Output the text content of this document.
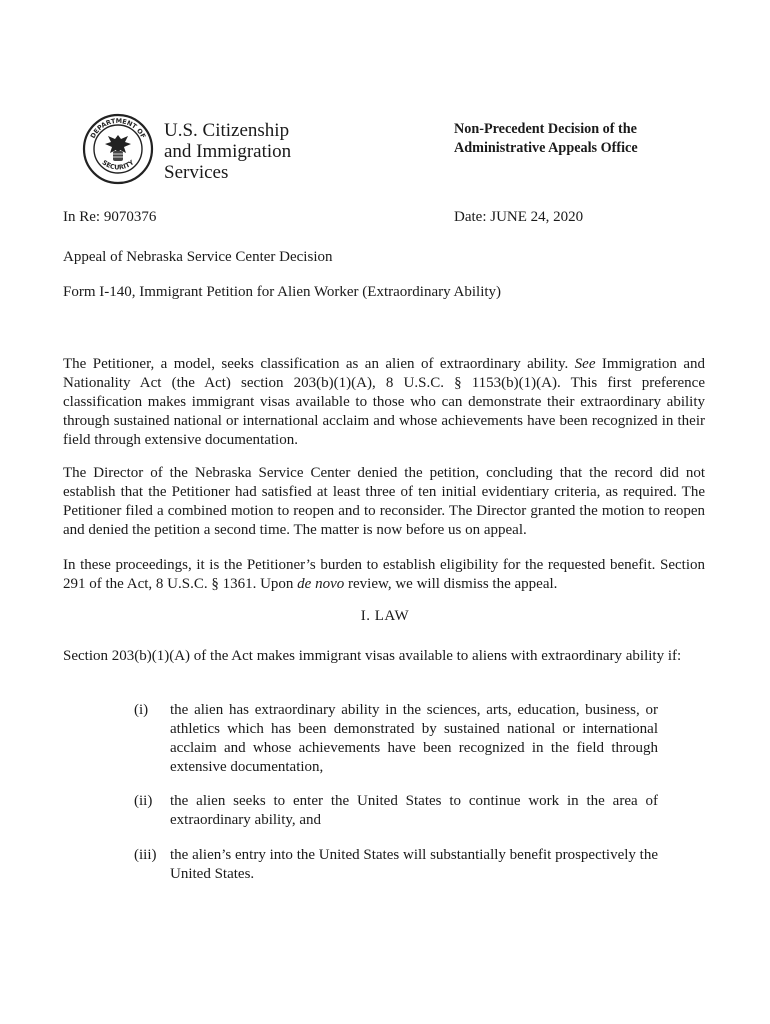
DEPARTMENT OF
SECURITY
U.S. Citizenship
and Immigration
Services
Non-Precedent Decision of the
Administrative Appeals Office
In Re: 9070376	Date: JUNE 24, 2020
Appeal of Nebraska Service Center Decision
Form I-140, Immigrant Petition for Alien Worker (Extraordinary Ability)
The Petitioner, a model, seeks classification as an alien of extraordinary ability. See Immigration and Nationality Act (the Act) section 203(b)(1)(A), 8 U.S.C. § 1153(b)(1)(A). This first preference classification makes immigrant visas available to those who can demonstrate their extraordinary ability through sustained national or international acclaim and whose achievements have been recognized in their field through extensive documentation.
The Director of the Nebraska Service Center denied the petition, concluding that the record did not establish that the Petitioner had satisfied at least three of ten initial evidentiary criteria, as required. The Petitioner filed a combined motion to reopen and to reconsider. The Director granted the motion to reopen and denied the petition a second time. The matter is now before us on appeal.
In these proceedings, it is the Petitioner’s burden to establish eligibility for the requested benefit. Section 291 of the Act, 8 U.S.C. § 1361. Upon de novo review, we will dismiss the appeal.
I. LAW
Section 203(b)(1)(A) of the Act makes immigrant visas available to aliens with extraordinary ability if:
(i)	the alien has extraordinary ability in the sciences, arts, education, business, or athletics which has been demonstrated by sustained national or international acclaim and whose achievements have been recognized in the field through extensive documentation,
(ii)	the alien seeks to enter the United States to continue work in the area of extraordinary ability, and
(iii) the alien’s entry into the United States will substantially benefit prospectively the United States.
